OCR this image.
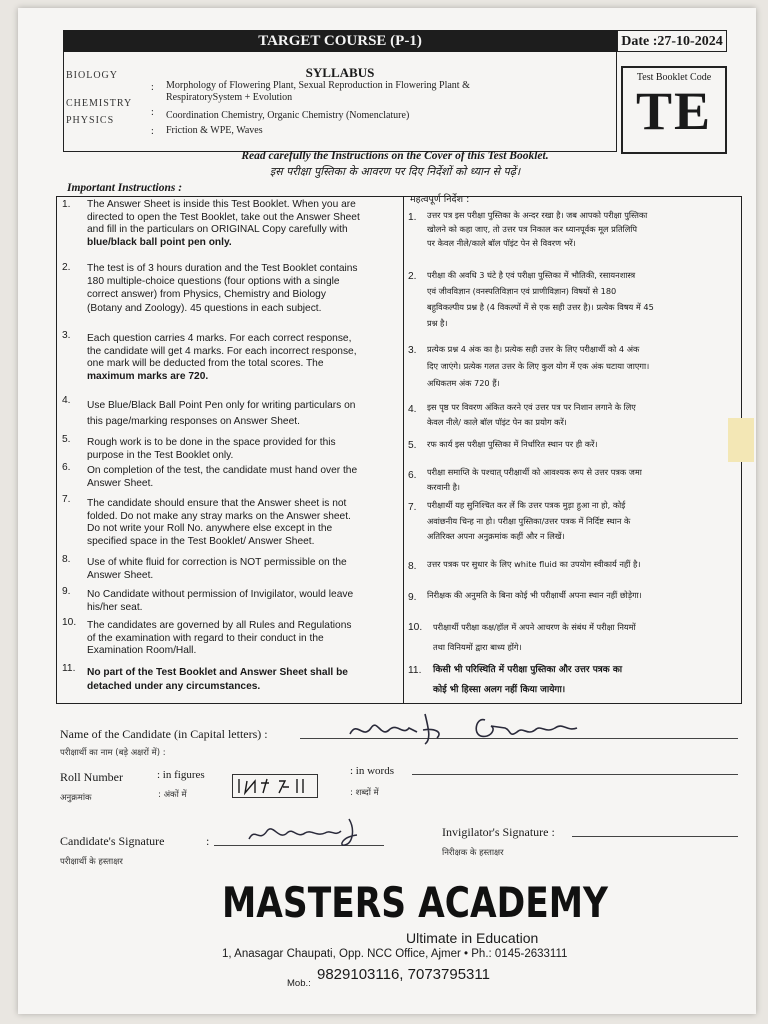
TARGET COURSE (P-1)	Date :27-10-2024
SYLLABUS
BIOLOGY
: Morphology of Flowering Plant, Sexual Reproduction in Flowering Plant &
RespiratorySystem + Evolution
CHEMISTRY
: Coordination Chemistry, Organic Chemistry (Nomenclature)
PHYSICS
: Friction & WPE, Waves
Test Booklet Code
TE
Read carefully the Instructions on the Cover of this Test Booklet.
इस परीक्षा पुस्तिका के आवरण पर दिए निर्देशों को ध्यान से पढ़ें।
Important Instructions :
महत्वपूर्ण निर्देश :
1. The Answer Sheet is inside this Test Booklet. When you are
directed to open the Test Booklet, take out the Answer Sheet
and fill in the particulars on ORIGINAL Copy carefully with
blue/black ball point pen only.
2. The test is of 3 hours duration and the Test Booklet contains
180 multiple-choice questions (four options with a single
correct answer) from Physics, Chemistry and Biology
(Botany and Zoology). 45 questions in each subject.
3. Each question carries 4 marks. For each correct response,
the candidate will get 4 marks. For each incorrect response,
one mark will be deducted from the total scores. The
maximum marks are 720.
4. Use Blue/Black Ball Point Pen only for writing particulars on
this page/marking responses on Answer Sheet.
5. Rough work is to be done in the space provided for this
purpose in the Test Booklet only.
6. On completion of the test, the candidate must hand over the
Answer Sheet.
7. The candidate should ensure that the Answer sheet is not
folded. Do not make any stray marks on the Answer sheet.
Do not write your Roll No. anywhere else except in the
specified space in the Test Booklet/ Answer Sheet.
8. Use of white fluid for correction is NOT permissible on the
Answer Sheet.
9. No Candidate without permission of Invigilator, would leave
his/her seat.
10. The candidates are governed by all Rules and Regulations
of the examination with regard to their conduct in the
Examination Room/Hall.
11. No part of the Test Booklet and Answer Sheet shall be
detached under any circumstances.
1. उत्तर पत्र इस परीक्षा पुस्तिका के अन्दर रखा है। जब आपको परीक्षा पुस्तिका
खोलने को कहा जाए, तो उत्तर पत्र निकाल कर ध्यानपूर्वक मूल प्रतिलिपि
पर केवल नीले/काले बॉल पॉइंट पेन से विवरण भरें।
2. परीक्षा की अवधि 3 घंटे है एवं परीक्षा पुस्तिका में भौतिकी, रसायनशास्त्र
एवं जीवविज्ञान (वनस्पतिविज्ञान एवं प्राणीविज्ञान) विषयों से 180
बहुविकल्पीय प्रश्न है (4 विकल्पों में से एक सही उत्तर है)। प्रत्येक विषय में 45
प्रश्न है।
3. प्रत्येक प्रश्न 4 अंक का है। प्रत्येक सही उत्तर के लिए परीक्षार्थी को 4 अंक
दिए जाएंगे। प्रत्येक गलत उत्तर के लिए कुल योग में एक अंक घटाया जाएगा।
अधिकतम अंक 720 हैं।
4. इस पृष्ठ पर विवरण अंकित करने एवं उत्तर पत्र पर निशान लगाने के लिए
केवल नीले/ काले बॉल पॉइंट पेन का प्रयोग करें।
5. रफ कार्य इस परीक्षा पुस्तिका में निर्धारित स्थान पर ही करें।
6. परीक्षा समाप्ति के पश्चात् परीक्षार्थी को आवश्यक रूप से उत्तर पत्रक जमा
करवानी है।
7. परीक्षार्थी यह सुनिश्चित कर लें कि उत्तर पत्रक मुड़ा हुआ ना हो, कोई
अवांछनीय चिन्ह ना हो। परीक्षा पुस्तिका/उत्तर पत्रक में निर्दिष्ट स्थान के
अतिरिक्त अपना अनुक्रमांक कहीं और न लिखें।
8. उत्तर पत्रक पर सुधार के लिए white fluid का उपयोग स्वीकार्य नहीं है।
9. निरीक्षक की अनुमति के बिना कोई भी परीक्षार्थी अपना स्थान नहीं छोड़ेगा।
10. परीक्षार्थी परीक्षा कक्ष/हॉल में अपने आचरण के संबंध में परीक्षा नियमों
तथा विनियमों द्वारा बाध्य होंगे।
11. किसी भी परिस्थिति में परीक्षा पुस्तिका और उत्तर पत्रक का
कोई भी हिस्सा अलग नहीं किया जायेगा।
Name of the Candidate (in Capital letters) :
परीक्षार्थी का नाम (बड़े अक्षरों में) :
Roll Number
अनुक्रमांक
: in figures
: अंकों में
: in words
: शब्दों में
Candidate's Signature
परीक्षार्थी के हस्ताक्षर
:
Invigilator's Signature :
निरीक्षक के हस्ताक्षर
MASTERS ACADEMY
Ultimate in Education
1, Anasagar Chaupati, Opp. NCC Office, Ajmer • Ph.: 0145-2633111
Mob.:
9829103116, 7073795311
